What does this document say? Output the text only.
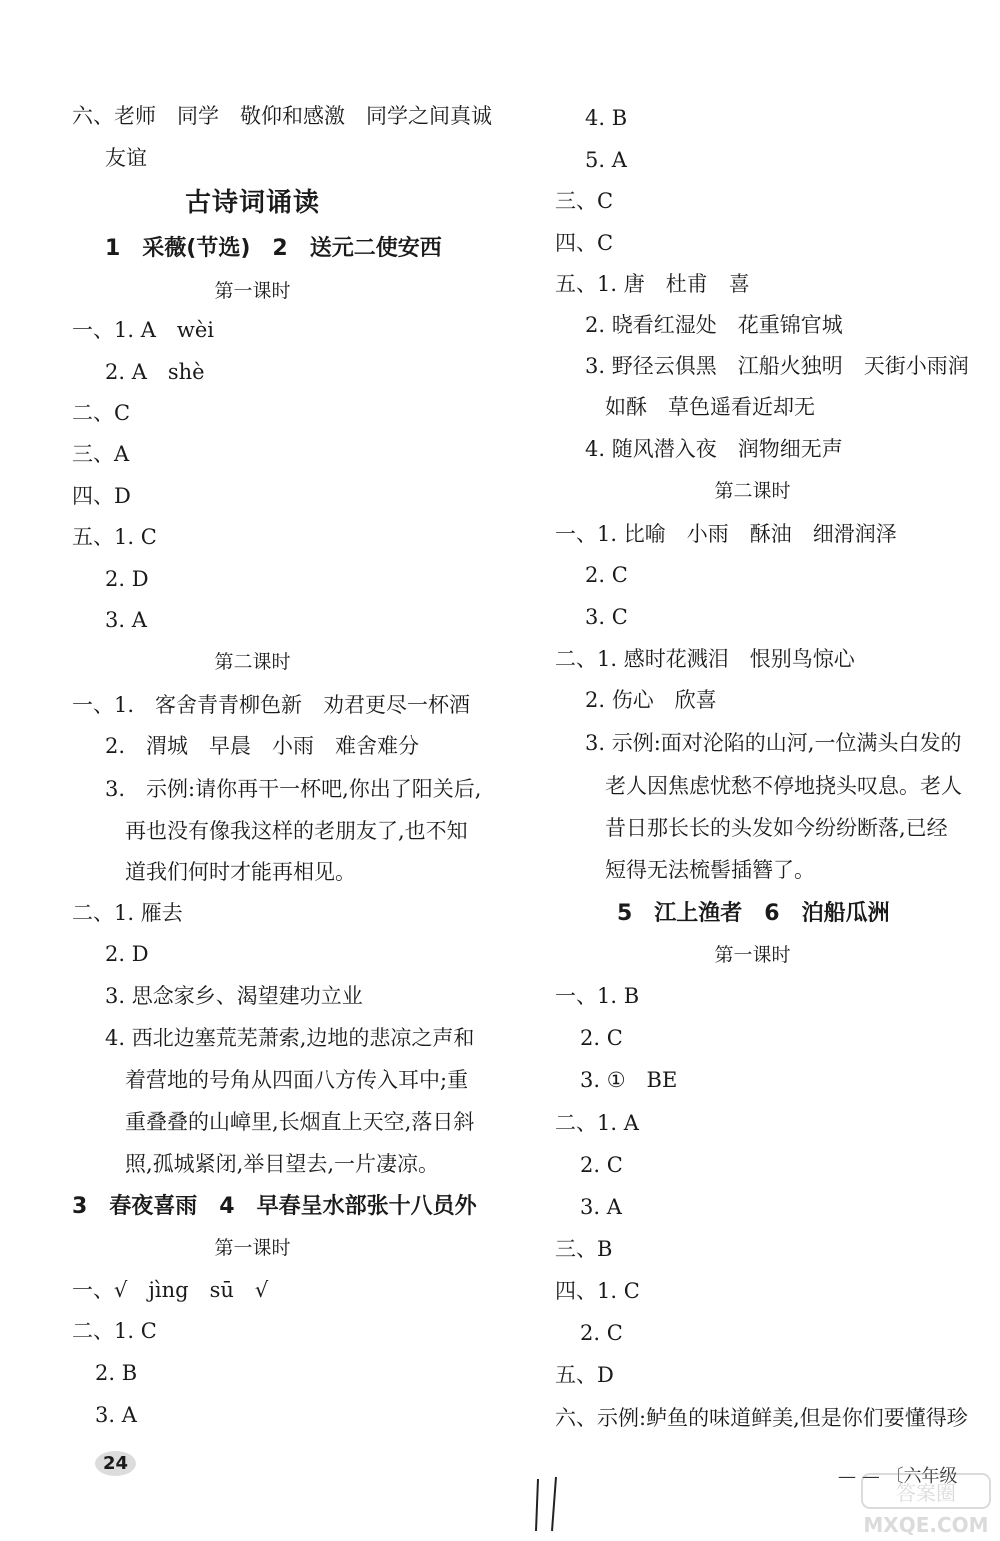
六、老师　同学　敬仰和感激　同学之间真诚
友谊
古诗词诵读
1　采薇(节选)　2　送元二使安西
第一课时
一、1. A　wèi
2. A　shè
二、C
三、A
四、D
五、1. C
2. D
3. A
第二课时
一、1.　客舍青青柳色新　劝君更尽一杯酒
2.　渭城　早晨　小雨　难舍难分
3.　示例:请你再干一杯吧,你出了阳关后,
再也没有像我这样的老朋友了,也不知
道我们何时才能再相见。
二、1. 雁去
2. D
3. 思念家乡、渴望建功立业
4. 西北边塞荒芜萧索,边地的悲凉之声和
着营地的号角从四面八方传入耳中;重
重叠叠的山嶂里,长烟直上天空,落日斜
照,孤城紧闭,举目望去,一片凄凉。
3　春夜喜雨　4　早春呈水部张十八员外
第一课时
一、√　jìng　sū　√
二、1. C
2. B
3. A
4. B
5. A
三、C
四、C
五、1. 唐　杜甫　喜
2. 晓看红湿处　花重锦官城
3. 野径云俱黑　江船火独明　天街小雨润
如酥　草色遥看近却无
4. 随风潜入夜　润物细无声
第二课时
一、1. 比喻　小雨　酥油　细滑润泽
2. C
3. C
二、1. 感时花溅泪　恨别鸟惊心
2. 伤心　欣喜
3. 示例:面对沦陷的山河,一位满头白发的
老人因焦虑忧愁不停地挠头叹息。老人
昔日那长长的头发如今纷纷断落,已经
短得无法梳髻插簪了。
5　江上渔者　6　泊船瓜洲
第一课时
一、1. B
2. C
3. ①　BE
二、1. A
2. C
3. A
三、B
四、1. C
2. C
五、D
六、示例:鲈鱼的味道鲜美,但是你们要懂得珍
24
— — 〔六年级
答案圈
MXQE.COM
